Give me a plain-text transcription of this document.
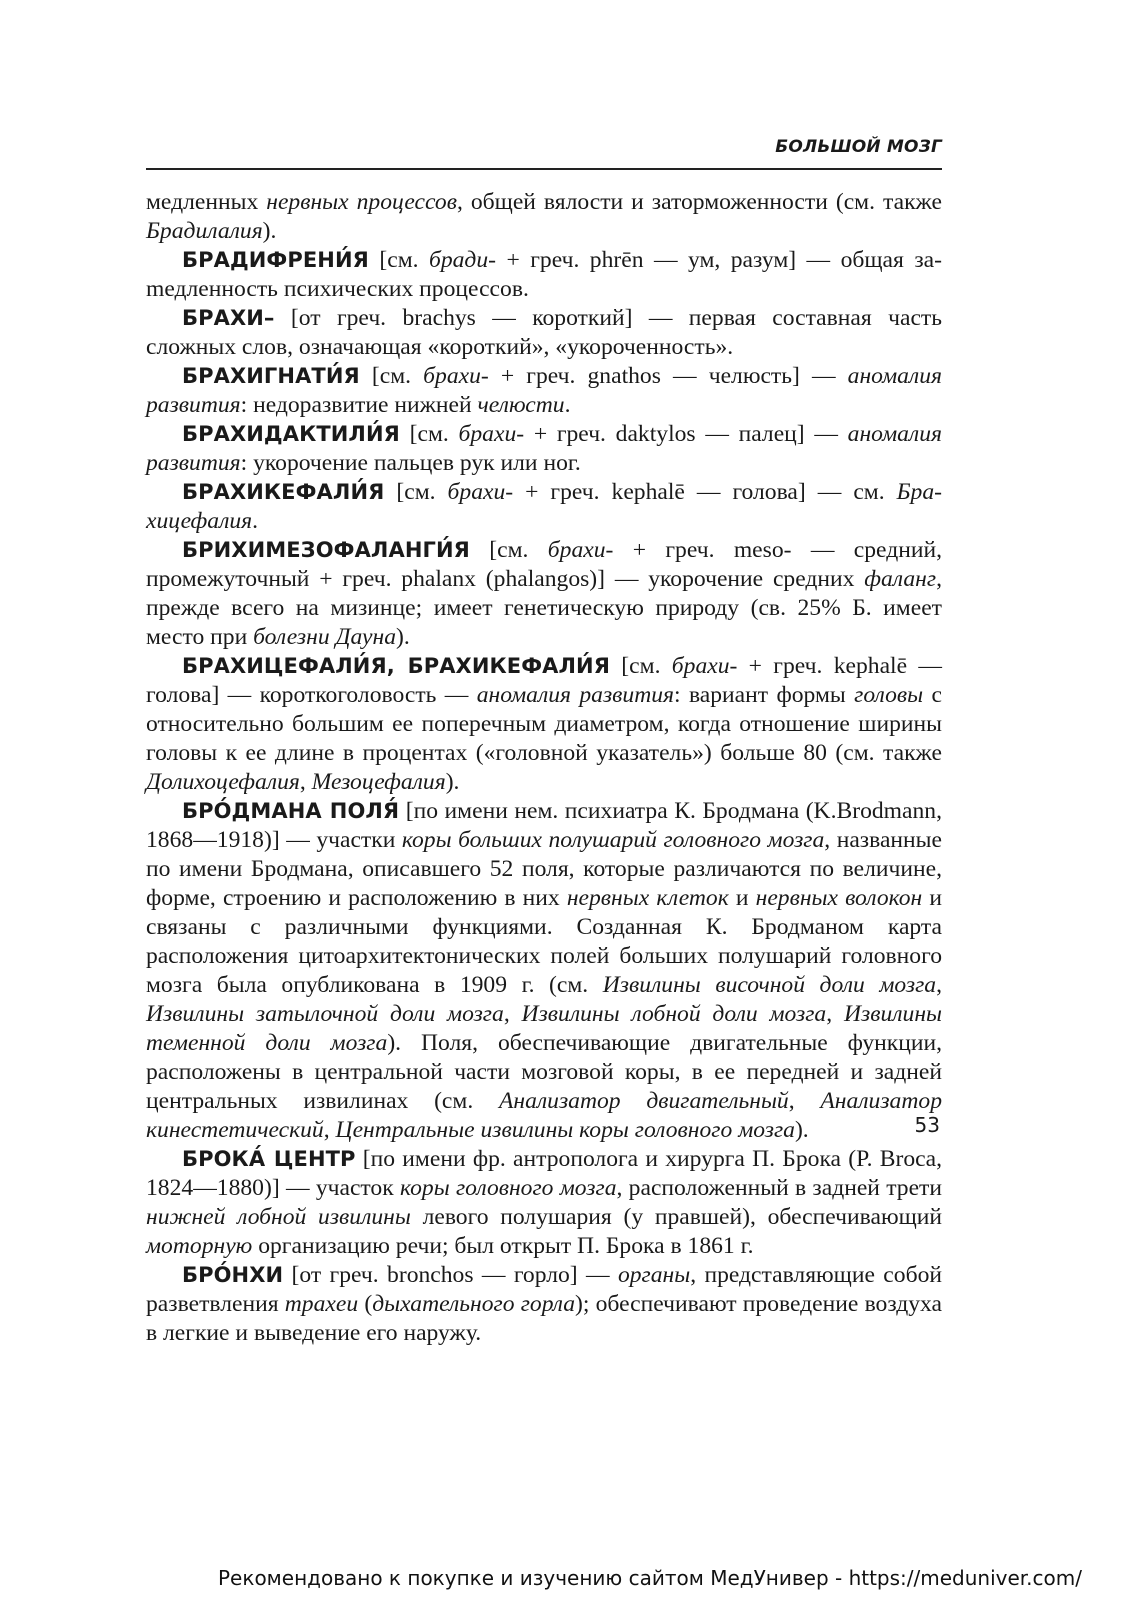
БОЛЬШОЙ МОЗГ

медленных нервных процессов, общей вялости и заторможенности (см. также Брадилалия).

БРАДИФРЕНИ́Я [см. бради- + греч. phrēn — ум, разум] — общая заmедленность психических процессов.

БРАХИ– [от греч. brachys — короткий] — первая составная часть сложных слов, означающая «короткий», «укороченность».

БРАХИГНАТИ́Я [см. брахи- + греч. gnathos — челюсть] — аномалия развития: недоразвитие нижней челюсти.

БРАХИДАКТИЛИ́Я [см. брахи- + греч. daktylos — палец] — аномалия развития: укорочение пальцев рук или ног.

БРАХИКЕФАЛИ́Я [см. брахи- + греч. kephalē — голова] — см. Брахицефалия.

БРИХИМЕЗОФАЛАНГИ́Я [см. брахи- + греч. meso- — средний, промежуточный + греч. phalanx (phalangos)] — укорочение средних фаланг, прежде всего на мизинце; имеет генетическую природу (св. 25% Б. имеет место при болезни Дауна).

БРАХИЦЕФАЛИ́Я, БРАХИКЕФАЛИ́Я [см. брахи- + греч. kephalē — голова] — короткоголовость — аномалия развития: вариант формы головы с относительно большим ее поперечным диаметром, когда отношение ширины головы к ее длине в процентах («головной указатель») больше 80 (см. также Долихоцефалия, Мезоцефалия).

БРО́ДМАНА ПОЛЯ́ [по имени нем. психиатра К. Бродмана (K.Brodmann, 1868—1918)] — участки коры больших полушарий головного мозга, названные по имени Бродмана, описавшего 52 поля, которые различаются по величине, форме, строению и расположению в них нервных клеток и нервных волокон и связаны с различными функциями. Созданная К. Бродманом карта расположения цитоархитектонических полей больших полушарий головного мозга была опубликована в 1909 г. (см. Извилины височной доли мозга, Извилины затылочной доли мозга, Извилины лобной доли мозга, Извилины теменной доли мозга). Поля, обеспечивающие двигательные функции, расположены в центральной части мозговой коры, в ее передней и задней центральных извилинах (см. Анализатор двигательный, Анализатор кинестетический, Центральные извилины коры головного мозга).

БРОКА́ ЦЕНТР [по имени фр. антрополога и хирурга П. Брока (P. Broca, 1824—1880)] — участок коры головного мозга, расположенный в задней трети нижней лобной извилины левого полушария (у правшей), обеспечивающий моторную организацию речи; был открыт П. Брока в 1861 г.

БРО́НХИ [от греч. bronchos — горло] — органы, представляющие собой разветвления трахеи (дыхательного горла); обеспечивают проведение воздуха в легкие и выведение его наружу.

53
Рекомендовано к покупке и изучению сайтом МедУнивер - https://meduniver.com/
